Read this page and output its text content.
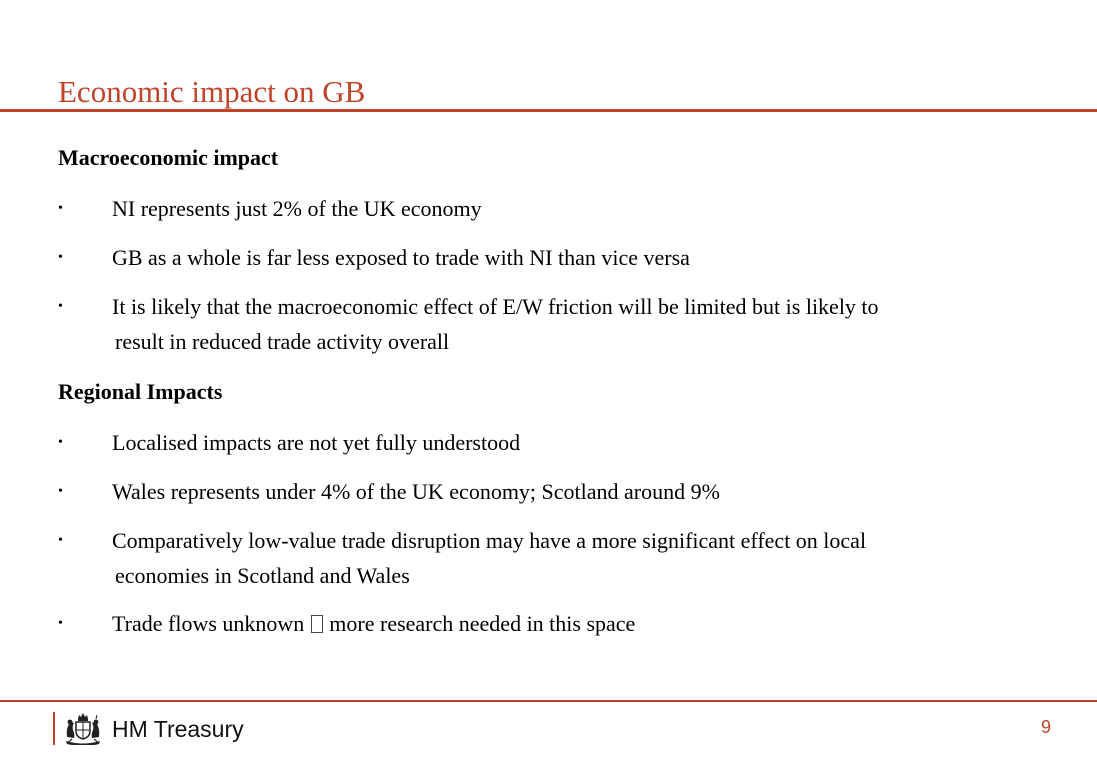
Economic impact on GB
Macroeconomic impact
• NI represents just 2% of the UK economy
• GB as a whole is far less exposed to trade with NI than vice versa
• It is likely that the macroeconomic effect of E/W friction will be limited but is likely to
result in reduced trade activity overall
Regional Impacts
• Localised impacts are not yet fully understood
• Wales represents under 4% of the UK economy; Scotland around 9%
• Comparatively low-value trade disruption may have a more significant effect on local
economies in Scotland and Wales
• Trade flows unknown more research needed in this space
HM Treasury	9
